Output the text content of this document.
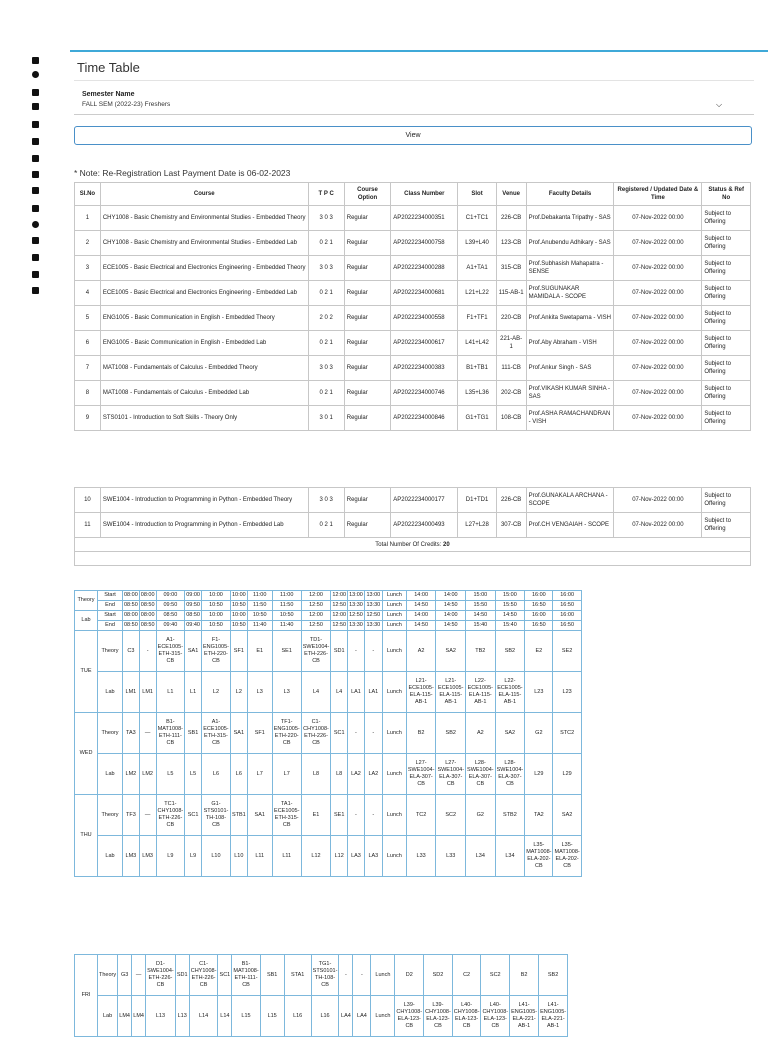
Time Table
Semester Name
FALL SEM (2022-23) Freshers	⌵
View
* Note: Re-Registration Last Payment Date is 06-02-2023
Sl.No	Course	T P C	Course Option	Class Number	Slot	Venue	Faculty Details	Registered / Updated Date & Time	Status & Ref No
1	CHY1008 - Basic Chemistry and Environmental Studies - Embedded Theory	3 0 3	Regular	AP2022234000351	C1+TC1	226-CB	Prof.Debakanta Tripathy - SAS	07-Nov-2022 00:00	Subject to Offering
2	CHY1008 - Basic Chemistry and Environmental Studies - Embedded Lab	0 2 1	Regular	AP2022234000758	L39+L40	123-CB	Prof.Anubendu Adhikary - SAS	07-Nov-2022 00:00	Subject to Offering
3	ECE1005 - Basic Electrical and Electronics Engineering - Embedded Theory	3 0 3	Regular	AP2022234000288	A1+TA1	315-CB	Prof.Subhasish Mahapatra - SENSE	07-Nov-2022 00:00	Subject to Offering
4	ECE1005 - Basic Electrical and Electronics Engineering - Embedded Lab	0 2 1	Regular	AP2022234000681	L21+L22	115-AB-1	Prof.SUGUNAKAR MAMIDALA - SCOPE	07-Nov-2022 00:00	Subject to Offering
5	ENG1005 - Basic Communication in English - Embedded Theory	2 0 2	Regular	AP2022234000558	F1+TF1	220-CB	Prof.Ankita Swetaparna - VISH	07-Nov-2022 00:00	Subject to Offering
6	ENG1005 - Basic Communication in English - Embedded Lab	0 2 1	Regular	AP2022234000617	L41+L42	221-AB-1	Prof.Aby Abraham - VISH	07-Nov-2022 00:00	Subject to Offering
7	MAT1008 - Fundamentals of Calculus - Embedded Theory	3 0 3	Regular	AP2022234000383	B1+TB1	111-CB	Prof.Ankur Singh - SAS	07-Nov-2022 00:00	Subject to Offering
8	MAT1008 - Fundamentals of Calculus - Embedded Lab	0 2 1	Regular	AP2022234000746	L35+L36	202-CB	Prof.VIKASH KUMAR SINHA - SAS	07-Nov-2022 00:00	Subject to Offering
9	STS0101 - Introduction to Soft Skills - Theory Only	3 0 1	Regular	AP2022234000846	G1+TG1	108-CB	Prof.ASHA RAMACHANDRAN - VISH	07-Nov-2022 00:00	Subject to Offering
10	SWE1004 - Introduction to Programming in Python - Embedded Theory	3 0 3	Regular	AP2022234000177	D1+TD1	226-CB	Prof.GUNAKALA ARCHANA - SCOPE	07-Nov-2022 00:00	Subject to Offering
11	SWE1004 - Introduction to Programming in Python - Embedded Lab	0 2 1	Regular	AP2022234000493	L27+L28	307-CB	Prof.CH VENGAIAH - SCOPE	07-Nov-2022 00:00	Subject to Offering
Total Number Of Credits: 20									

Theory	Start	08:00	08:00	09:00	09:00	10:00	10:00	11:00	11:00	12:00	12:00	13:00	13:00	Lunch	14:00	14:00	15:00	15:00	16:00	16:00
	End	08:50	08:50	09:50	09:50	10:50	10:50	11:50	11:50	12:50	12:50	13:30	13:30	Lunch	14:50	14:50	15:50	15:50	16:50	16:50
Lab	Start	08:00	08:00	08:50	08:50	10:00	10:00	10:50	10:50	12:00	12:00	12:50	12:50	Lunch	14:00	14:00	14:50	14:50	16:00	16:00
	End	08:50	08:50	09:40	09:40	10:50	10:50	11:40	11:40	12:50	12:50	13:30	13:30	Lunch	14:50	14:50	15:40	15:40	16:50	16:50
TUE	Theory	C3	-	A1-ECE1005-ETH-315-CB	SA1	F1-ENG1005-ETH-220-CB	SF1	E1	SE1	TD1-SWE1004-ETH-226-CB	SD1	-	-	Lunch	A2	SA2	TB2	SB2	E2	SE2
	Lab	LM1	LM1	L1	L1	L2	L2	L3	L3	L4	L4	LA1	LA1	Lunch	L21-ECE1005-ELA-115-AB-1	L21-ECE1005-ELA-115-AB-1	L22-ECE1005-ELA-115-AB-1	L22-ECE1005-ELA-115-AB-1	L23	L23
WED	Theory	TA3	—	B1-MAT1008-ETH-111-CB	SB1	A1-ECE1005-ETH-315-CB	SA1	SF1	TF1-ENG1005-ETH-220-CB	C1-CHY1008-ETH-226-CB	SC1	-	-	Lunch	B2	SB2	A2	SA2	G2	STC2
	Lab	LM2	LM2	L5	L5	L6	L6	L7	L7	L8	L8	LA2	LA2	Lunch	L27-SWE1004-ELA-307-CB	L27-SWE1004-ELA-307-CB	L28-SWE1004-ELA-307-CB	L28-SWE1004-ELA-307-CB	L29	L29
THU	Theory	TF3	—	TC1-CHY1008-ETH-226-CB	SC1	G1-STS0101-TH-108-CB	STB1	SA1	TA1-ECE1005-ETH-315-CB	E1	SE1	-	-	Lunch	TC2	SC2	G2	STB2	TA2	SA2
	Lab	LM3	LM3	L9	L9	L10	L10	L11	L11	L12	L12	LA3	LA3	Lunch	L33	L33	L34	L34	L35-MAT1008-ELA-202-CB	L35-MAT1008-ELA-202-CB
FRI	Theory	G3	—	D1-SWE1004-ETH-226-CB	SD1	C1-CHY1008-ETH-226-CB	SC1	B1-MAT1008-ETH-111-CB	SB1	STA1	TG1-STS0101-TH-108-CB	-	-	Lunch	D2	SD2	C2	SC2	B2	SB2
	Lab	LM4	LM4	L13	L13	L14	L14	L15	L15	L16	L16	LA4	LA4	Lunch	L39-CHY1008-ELA-123-CB	L39-CHY1008-ELA-123-CB	L40-CHY1008-ELA-123-CB	L40-CHY1008-ELA-123-CB	L41-ENG1005-ELA-221-AB-1	L41-ENG1005-ELA-221-AB-1
